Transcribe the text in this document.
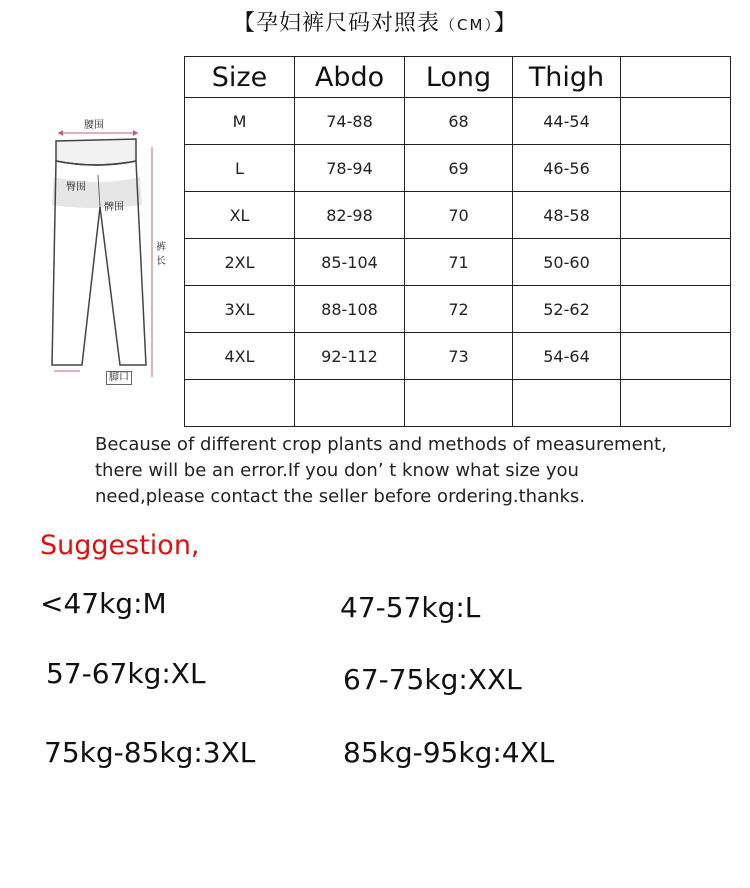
【孕妇裤尺码对照表（CM）】
腰围
臀围
髀围
裤
长
脚口
Size	Abdo	Long	Thigh	
M	74-88	68	44-54	
L	78-94	69	46-56	
XL	82-98	70	48-58	
2XL	85-104	71	50-60	
3XL	88-108	72	52-62	
4XL	92-112	73	54-64	

Because of different crop plants and methods of measurement,
there will be an error.If you don’ t know what size you
need,please contact the seller before ordering.thanks.
Suggestion,
<47kg:M	47-57kg:L
57-67kg:XL	67-75kg:XXL
75kg-85kg:3XL	85kg-95kg:4XL
